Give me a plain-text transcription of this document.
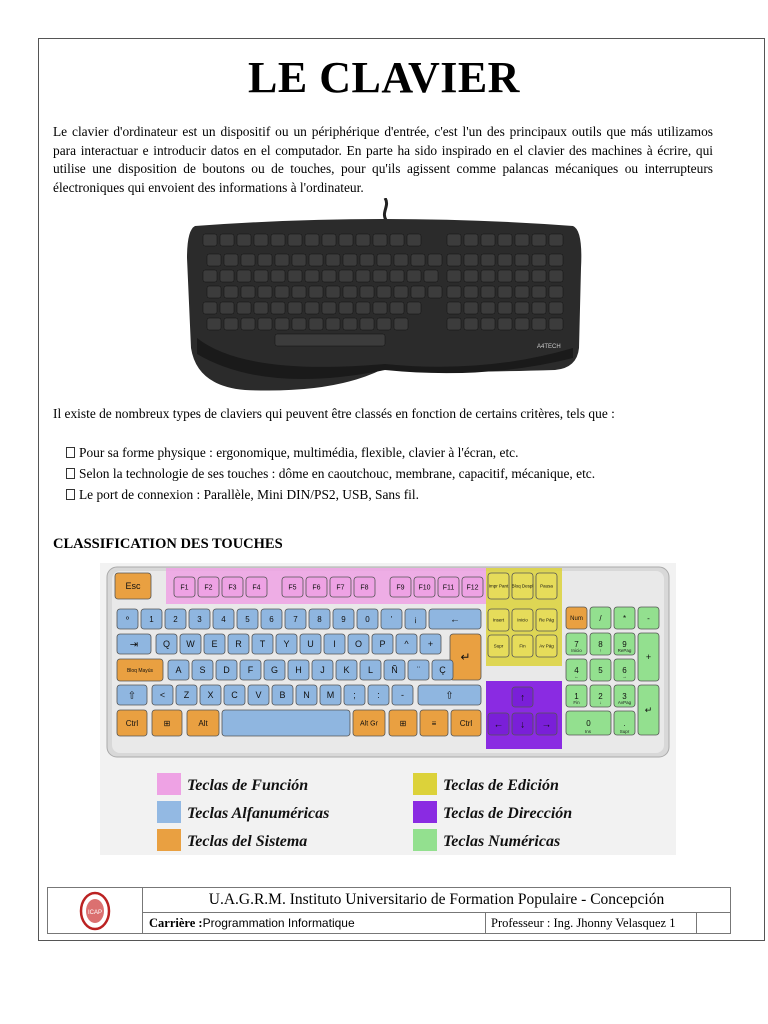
LE CLAVIER
Le clavier d'ordinateur est un dispositif ou un périphérique d'entrée, c'est l'un des principaux outils que más utilizamos para interactuar e introducir datos en el computador. En parte ha sido inspirado en el clavier des machines à écrire, qui utilise une disposition de boutons ou de touches, pour qu'ils agissent comme palancas mécaniques ou interrupteurs électroniques qui envoient des informations à l'ordinateur.
A4TECH
Il existe de nombreux types de claviers qui peuvent être classés en fonction de certains critères, tels que :
Pour sa forme physique : ergonomique, multimédia, flexible, clavier à l'écran, etc.
Selon la technologie de ses touches : dôme en caoutchouc, membrane, capacitif, mécanique, etc.
Le port de connexion : Parallèle, Mini DIN/PS2, USB, Sans fil.
CLASSIFICATION DES TOUCHES
Esc	F1 F2 F3 F4	F5 F6 F7 F8	F9 F10 F11 F12 Impr Pant Bloq Despl Pausa
º	1 2 3 4 5 6 7 8 9 0	'	¡	←
⇥	Q W E R T Y U I O P ^ +
↵
Bloq Mayús A S D F G H J K L Ñ ¨ Ç
⇧	< Z X C V B N M ; : -	⇧
Ctrl	⊞	Alt	Alt Gr	⊞	≡	Ctrl
Insert	Inicio Re Pág
Supr	Fin	Av Pág
↑
← ↓ →
Num /	*	-
7
Inicio
8
↑
9
RePag
4
←
5 6
→
1
Fin
2
↓
3
AvPag
+
↵
0	.
Ins	Supr
Teclas de Función	Teclas de Edición
Teclas Alfanuméricas	Teclas de Dirección
Teclas del Sistema	Teclas Numéricas
ICAP
U.A.G.R.M. Instituto Universitario de Formation Populaire - Concepción
Carrière :Programmation Informatique	Professeur : Ing. Jhonny Velasquez 1
